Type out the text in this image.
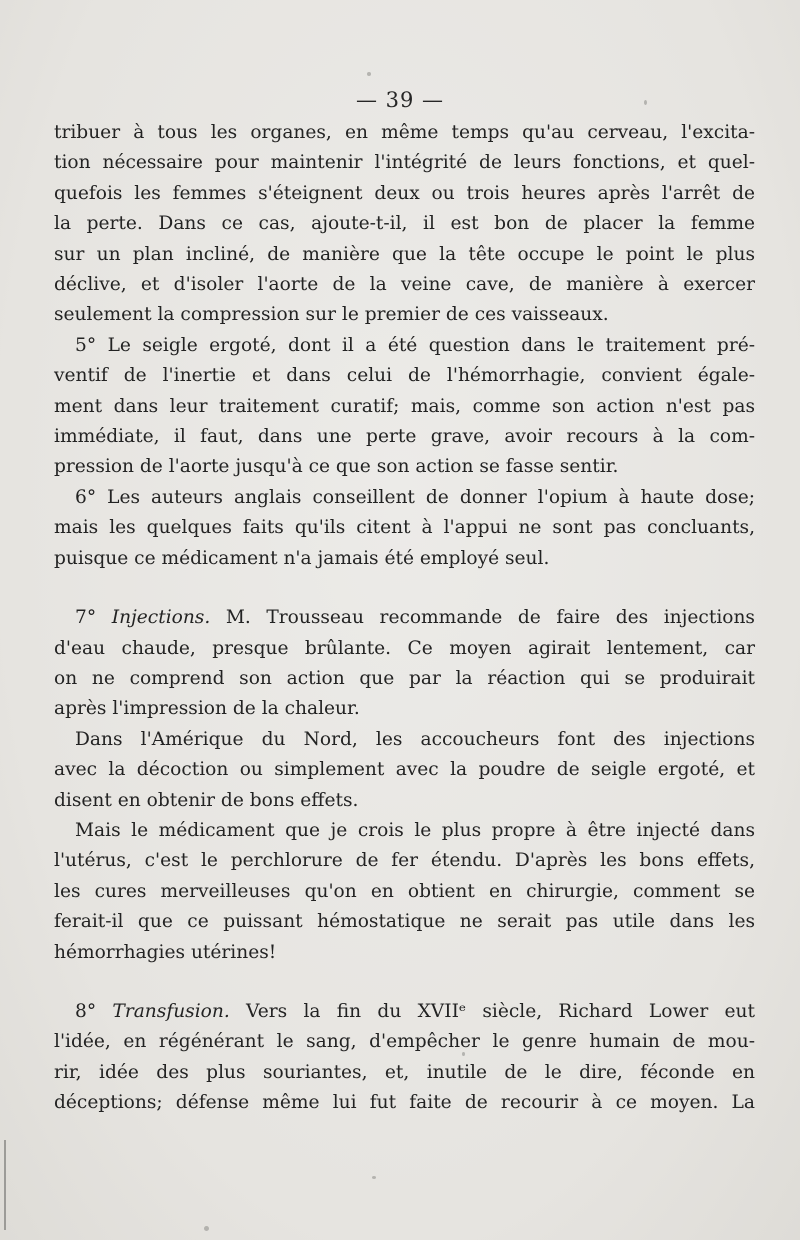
— 39 —

tribuer à tous les organes, en même temps qu'au cerveau, l'excita-

tion nécessaire pour maintenir l'intégrité de leurs fonctions, et quel-

quefois les femmes s'éteignent deux ou trois heures après l'arrêt de

la perte. Dans ce cas, ajoute-t-il, il est bon de placer la femme

sur un plan incliné, de manière que la tête occupe le point le plus

déclive, et d'isoler l'aorte de la veine cave, de manière à exercer

seulement la compression sur le premier de ces vaisseaux.

5° Le seigle ergoté, dont il a été question dans le traitement pré-

ventif de l'inertie et dans celui de l'hémorrhagie, convient égale-

ment dans leur traitement curatif; mais, comme son action n'est pas

immédiate, il faut, dans une perte grave, avoir recours à la com-

pression de l'aorte jusqu'à ce que son action se fasse sentir.

6° Les auteurs anglais conseillent de donner l'opium à haute dose;

mais les quelques faits qu'ils citent à l'appui ne sont pas concluants,

puisque ce médicament n'a jamais été employé seul.

7° Injections. M. Trousseau recommande de faire des injections

d'eau chaude, presque brûlante. Ce moyen agirait lentement, car

on ne comprend son action que par la réaction qui se produirait

après l'impression de la chaleur.

Dans l'Amérique du Nord, les accoucheurs font des injections

avec la décoction ou simplement avec la poudre de seigle ergoté, et

disent en obtenir de bons effets.

Mais le médicament que je crois le plus propre à être injecté dans

l'utérus, c'est le perchlorure de fer étendu. D'après les bons effets,

les cures merveilleuses qu'on en obtient en chirurgie, comment se

ferait-il que ce puissant hémostatique ne serait pas utile dans les

hémorrhagies utérines!

8° Transfusion. Vers la fin du XVIIᵉ siècle, Richard Lower eut

l'idée, en régénérant le sang, d'empêcher le genre humain de mou-

rir, idée des plus souriantes, et, inutile de le dire, féconde en

déceptions; défense même lui fut faite de recourir à ce moyen. La
